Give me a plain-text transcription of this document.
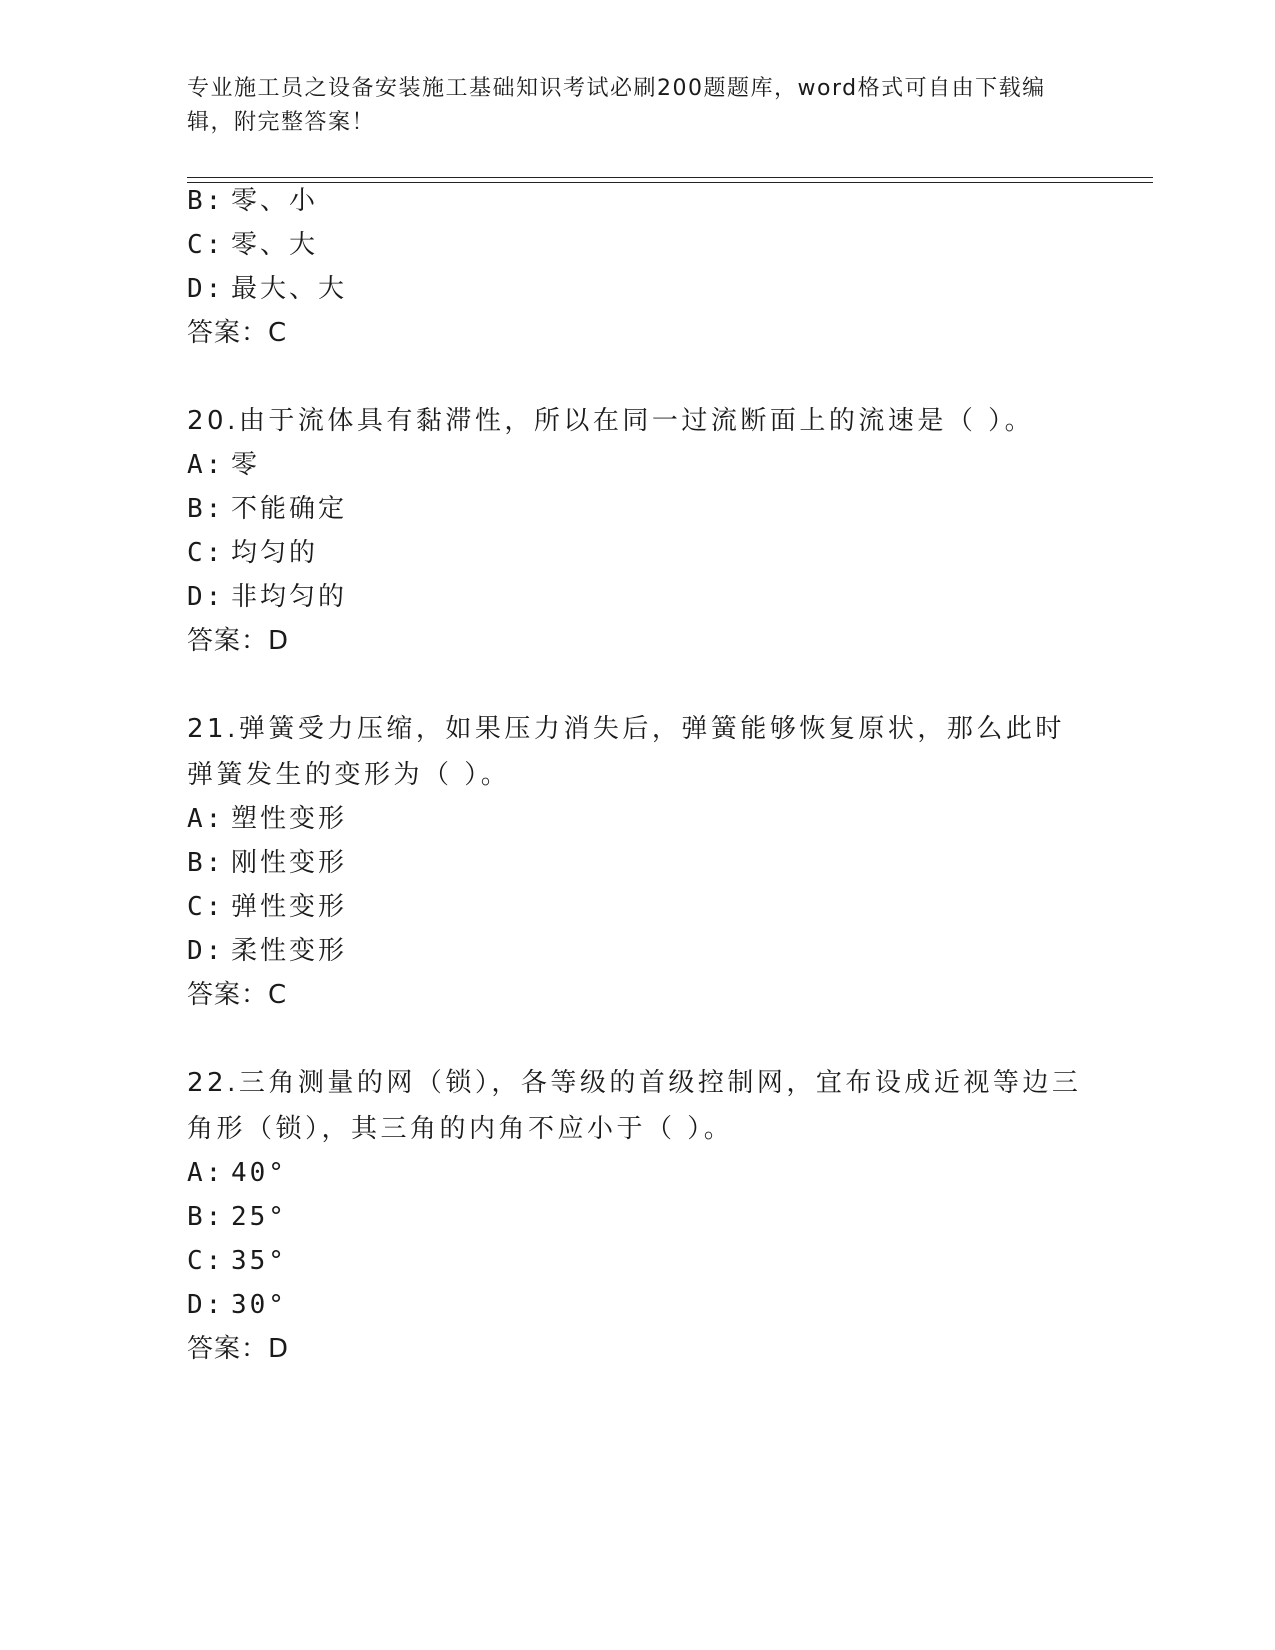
专业施工员之设备安装施工基础知识考试必刷200题题库，word格式可自由下载编辑，附完整答案！
B: 零、小
C: 零、大
D: 最大、大
答案：C
20.由于流体具有黏滞性，所以在同一过流断面上的流速是（ ）。
A: 零
B: 不能确定
C: 均匀的
D: 非均匀的
答案：D
21.弹簧受力压缩，如果压力消失后，弹簧能够恢复原状，那么此时弹簧发生的变形为（ ）。
A: 塑性变形
B: 刚性变形
C: 弹性变形
D: 柔性变形
答案：C
22.三角测量的网（锁），各等级的首级控制网，宜布设成近视等边三角形（锁），其三角的内角不应小于（ ）。
A: 40°
B: 25°
C: 35°
D: 30°
答案：D
